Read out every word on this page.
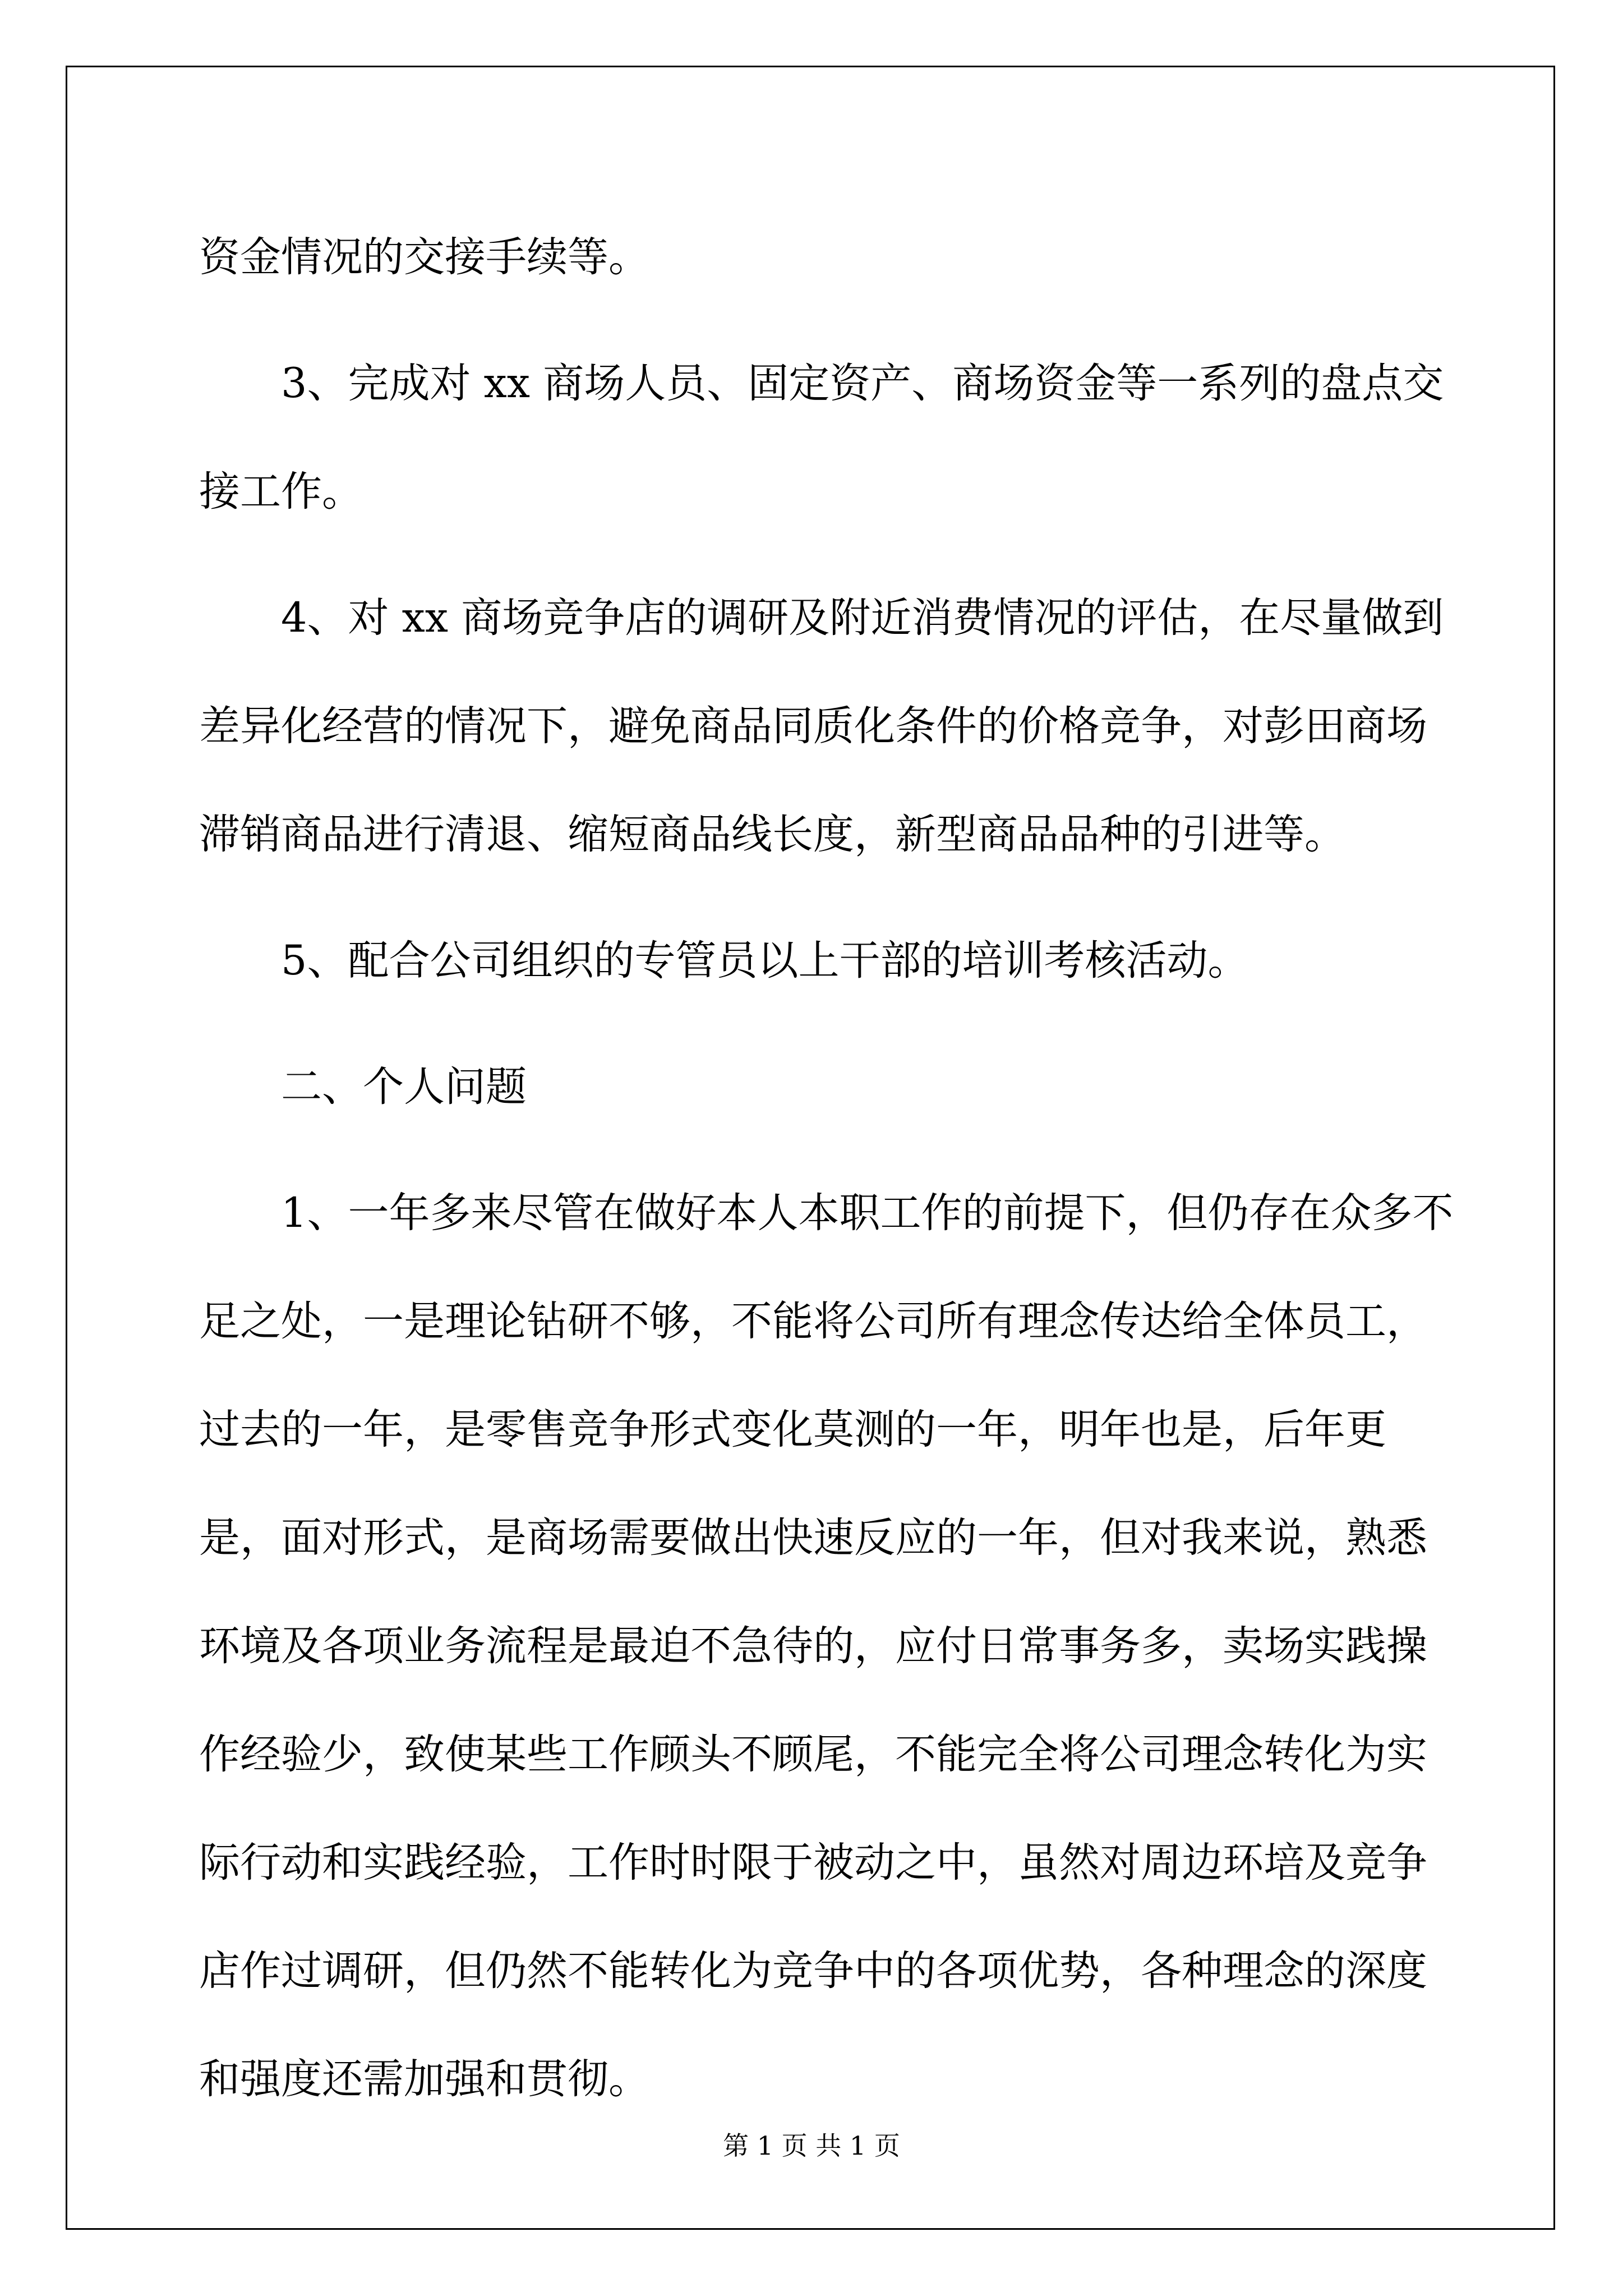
资金情况的交接手续等。

3、完成对 xx 商场人员、固定资产、商场资金等一系列的盘点交接工作。

4、对 xx 商场竞争店的调研及附近消费情况的评估，在尽量做到差异化经营的情况下，避免商品同质化条件的价格竞争，对彭田商场滞销商品进行清退、缩短商品线长度，新型商品品种的引进等。

5、配合公司组织的专管员以上干部的培训考核活动。

二、个人问题

1、一年多来尽管在做好本人本职工作的前提下，但仍存在众多不足之处，一是理论钻研不够，不能将公司所有理念传达给全体员工，过去的一年，是零售竞争形式变化莫测的一年，明年也是，后年更是，面对形式，是商场需要做出快速反应的一年，但对我来说，熟悉环境及各项业务流程是最迫不急待的，应付日常事务多，卖场实践操作经验少，致使某些工作顾头不顾尾，不能完全将公司理念转化为实际行动和实践经验，工作时时限于被动之中，虽然对周边环培及竞争店作过调研，但仍然不能转化为竞争中的各项优势，各种理念的深度和强度还需加强和贯彻。

第 1 页 共 1 页
